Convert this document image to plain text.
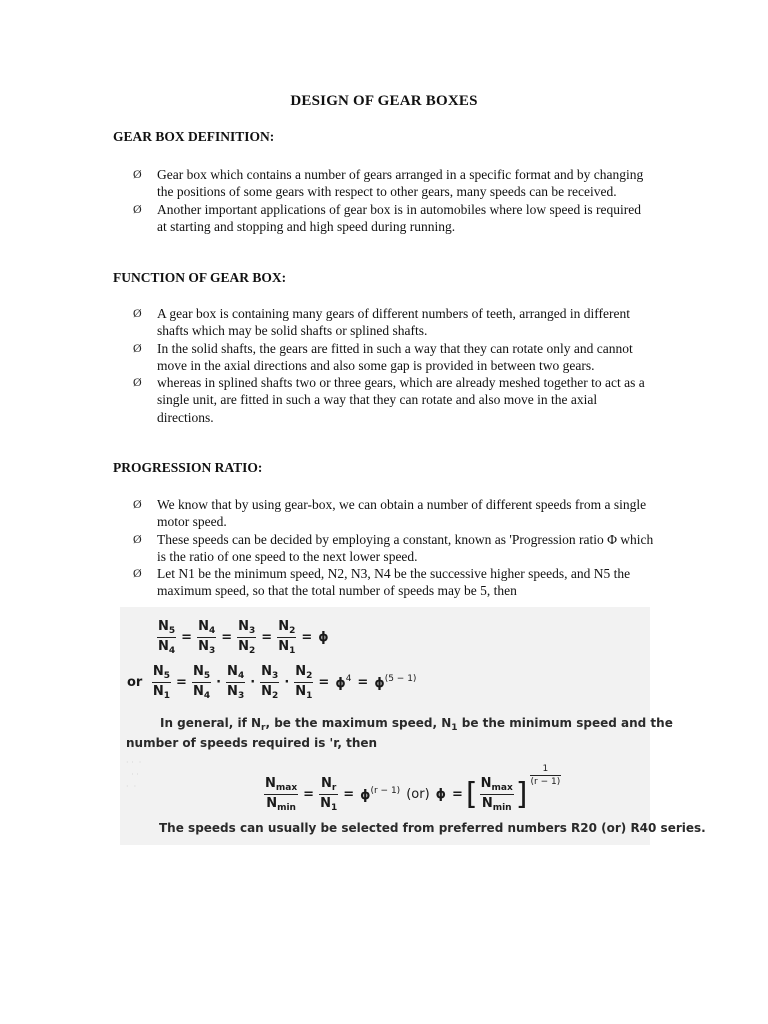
DESIGN OF GEAR BOXES
GEAR BOX DEFINITION:
Ø Gear box which contains a number of gears arranged in a specific format and by changing the positions of some gears with respect to other gears, many speeds can be received.
Ø Another important applications of gear box is in automobiles where low speed is required at starting and stopping and high speed during running.
FUNCTION OF GEAR BOX:
Ø A gear box is containing many gears of different numbers of teeth, arranged in different shafts which may be solid shafts or splined shafts.
Ø In the solid shafts, the gears are fitted in such a way that they can rotate only and cannot move in the axial directions and also some gap is provided in between two gears.
Ø whereas in splined shafts two or three gears, which are already meshed together to act as a single unit, are fitted in such a way that they can rotate and also move in the axial directions.
PROGRESSION RATIO:
Ø We know that by using gear-box, we can obtain a number of different speeds from a single motor speed.
Ø These speeds can be decided by employing a constant, known as 'Progression ratio Φ which is the ratio of one speed to the next lower speed.
Ø Let N1 be the minimum speed, N2, N3, N4 be the successive higher speeds, and N5 the maximum speed, so that the total number of speeds may be 5, then
· ·  ·
· ·
·  ·
$\frac{N_5}{N_4} = \frac{N_4}{N_3} = \frac{N_3}{N_2} = \frac{N_2}{N_1} = \phi$
or $\frac{N_5}{N_1} = \frac{N_5}{N_4} \cdot \frac{N_4}{N_3} \cdot \frac{N_3}{N_2} \cdot \frac{N_2}{N_1} = \phi^4 = \phi^{(5 - 1)}$
In general, if $N_r$, be the maximum speed, $N_1$ be the minimum speed and the
number of speeds required is 'r, then
$\frac{N_{max}}{N_{min}} = \frac{N_r}{N_1} = \phi^{(r - 1)}$ (or) ϕ = [ $\frac{N_{max}}{N_{min}}$ ]
$\frac{1}{(r - 1)}$
The speeds can usually be selected from preferred numbers R20 (or) R40 series.
